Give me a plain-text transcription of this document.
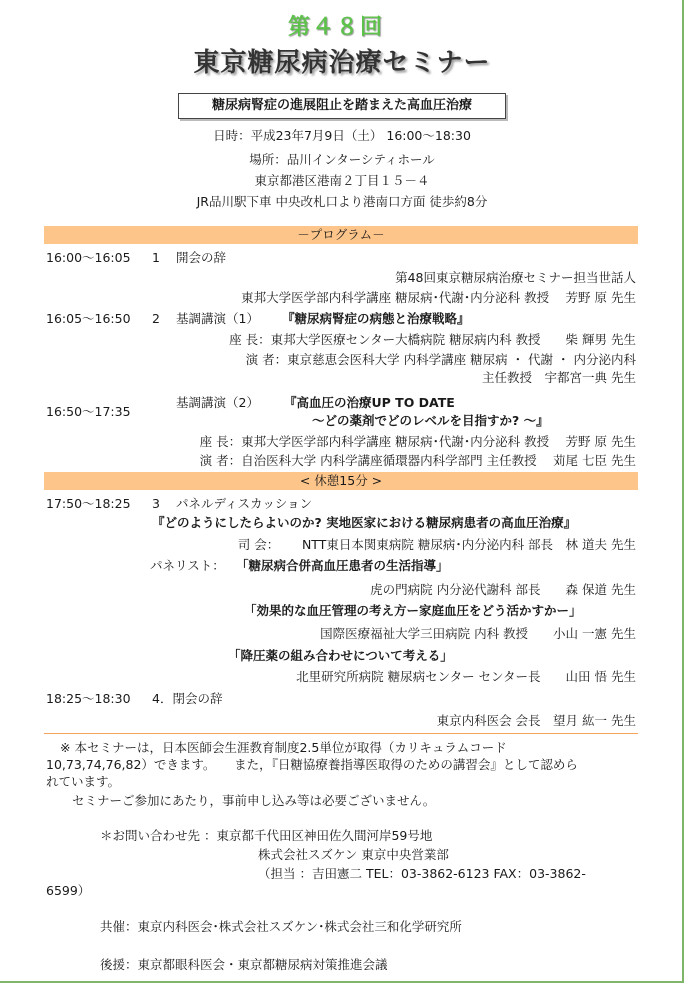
第４８回
東京糖尿病治療セミナー
糖尿病腎症の進展阻止を踏まえた高血圧治療
日時：平成23年7月9日（土） 16:00～18:30
場所：品川インターシティホール
東京都港区港南２丁目１５－４
JR品川駅下車 中央改札口より港南口方面 徒歩約8分
－プログラム－
16:00～16:05 1 開会の辞
第48回東京糖尿病治療セミナー担当世話人
東邦大学医学部内科学講座 糖尿病･代謝･内分泌科 教授　 芳野 原 先生
16:05～16:50 2 基調講演（1） 『糖尿病腎症の病態と治療戦略』
座 長：東邦大学医療センター大橋病院 糖尿病内科 教授　　柴 輝男 先生
演 者：東京慈恵会医科大学 内科学講座 糖尿病 ・ 代謝 ・ 内分泌内科
主任教授　宇都宮一典 先生
基調講演（2） 『高血圧の治療UP TO DATE
16:50～17:35
～どの薬剤でどのレベルを目指すか? ～』
座 長：東邦大学医学部内科学講座 糖尿病･代謝･内分泌科 教授　 芳野 原 先生
演 者：自治医科大学 内科学講座循環器内科学部門 主任教授　 苅尾 七臣 先生
< 休憩15分 >
17:50～18:25 3 パネルディスカッション
『どのようにしたらよいのか? 実地医家における糖尿病患者の高血圧治療』
司 会：　　 NTT東日本関東病院 糖尿病･内分泌内科 部長　林 道夫 先生
パネリスト： 「糖尿病合併高血圧患者の生活指導」
虎の門病院 内分泌代謝科 部長　　森 保道 先生
「効果的な血圧管理の考え方ー家庭血圧をどう活かすかー」
国際医療福祉大学三田病院 内科 教授　　小山 一憲 先生
「降圧薬の組み合わせについて考える」
北里研究所病院 糖尿病センター センター長　　山田 悟 先生
18:25～18:30 4．閉会の辞
東京内科医会 会長　望月 紘一 先生
※ 本セミナーは，日本医師会生涯教育制度2.5単位が取得（カリキュラムコード
10,73,74,76,82）できます。　　また，『日糖協療養指導医取得のための講習会』として認めら
れています。
セミナーご参加にあたり，事前申し込み等は必要ございません。
＊お問い合わせ先 ：東京都千代田区神田佐久間河岸59号地
株式会社スズケン 東京中央営業部
（担当 ：吉田憲二 TEL：03-3862-6123 FAX：03-3862-
6599）
共催：東京内科医会･株式会社スズケン･株式会社三和化学研究所
後援：東京都眼科医会・東京都糖尿病対策推進会議
